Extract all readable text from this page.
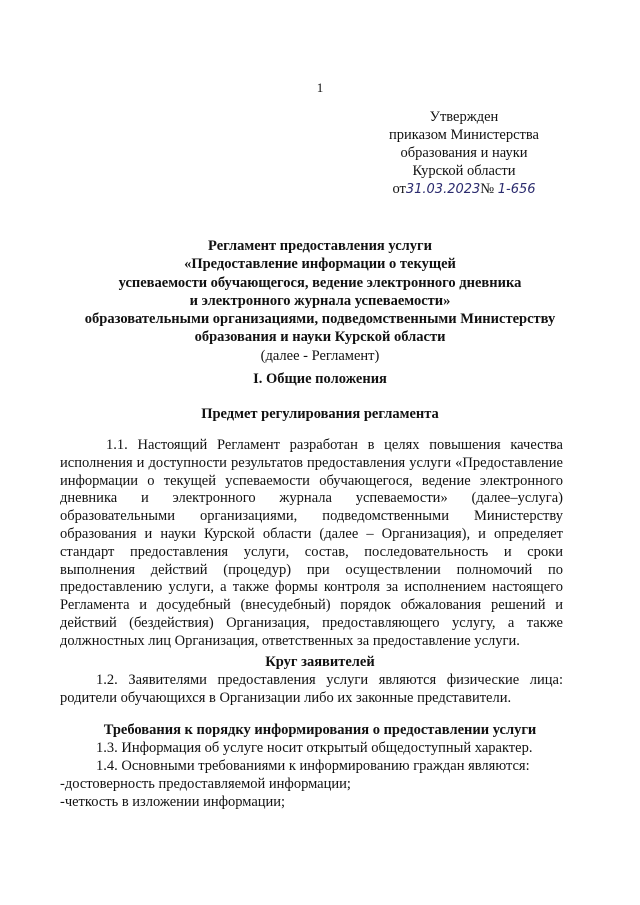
1
Утвержден
приказом Министерства
образования и науки
Курской области
от31.03.2023№ 1-656
Регламент предоставления услуги
«Предоставление информации о текущей
успеваемости обучающегося, ведение электронного дневника
и электронного журнала успеваемости»
образовательными организациями, подведомственными Министерству
образования и науки Курской области
(далее - Регламент)
I. Общие положения
Предмет регулирования регламента
1.1. Настоящий Регламент разработан в целях повышения качества исполнения и доступности результатов предоставления услуги «Предоставление информации о текущей успеваемости обучающегося, ведение электронного дневника и электронного журнала успеваемости» (далее–услуга) образовательными организациями, подведомственными Министерству образования и науки Курской области (далее – Организация), и определяет стандарт предоставления услуги, состав, последовательность и сроки выполнения действий (процедур) при осуществлении полномочий по предоставлению услуги, а также формы контроля за исполнением настоящего Регламента и досудебный (внесудебный) порядок обжалования решений и действий (бездействия) Организация, предоставляющего услугу, а также должностных лиц Организация, ответственных за предоставление услуги.
Круг заявителей
1.2. Заявителями предоставления услуги являются физические лица: родители обучающихся в Организации либо их законные представители.
Требования к порядку информирования о предоставлении услуги
1.3. Информация об услуге носит открытый общедоступный характер.
1.4. Основными требованиями к информированию граждан являются:
-достоверность предоставляемой информации;
-четкость в изложении информации;
